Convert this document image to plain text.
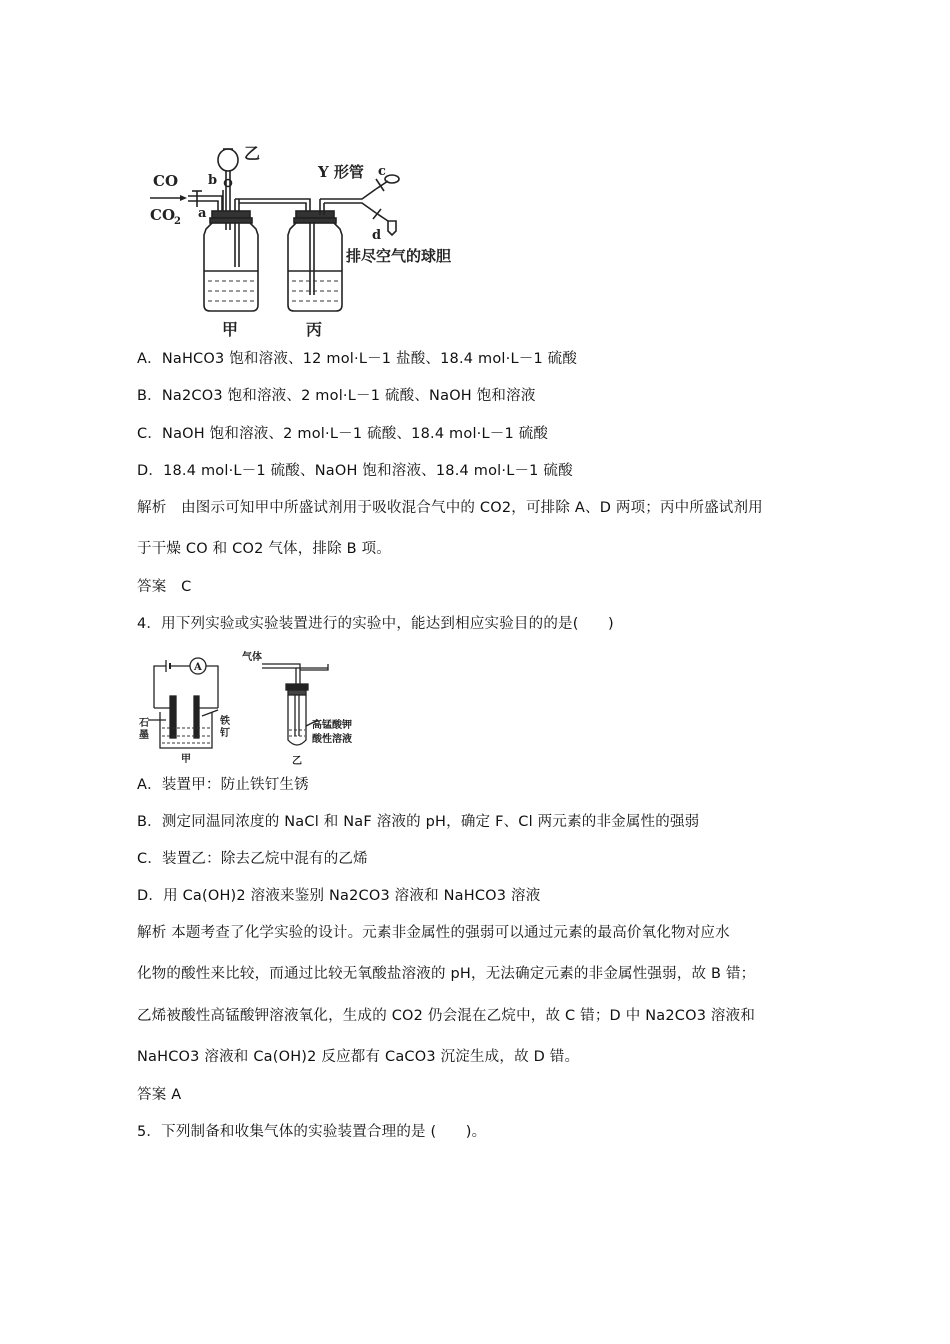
CO
CO
2
a
b
c
d
乙
Y 形管
排尽空气的球胆
甲	丙
A．NaHCO3 饱和溶液、12 mol·L－1 盐酸、18.4 mol·L－1 硫酸
B．Na2CO3 饱和溶液、2 mol·L－1 硫酸、NaOH 饱和溶液
C．NaOH 饱和溶液、2 mol·L－1 硫酸、18.4 mol·L－1 硫酸
D．18.4 mol·L－1 硫酸、NaOH 饱和溶液、18.4 mol·L－1 硫酸
解析　由图示可知甲中所盛试剂用于吸收混合气中的 CO2，可排除 A、D 两项；丙中所盛试剂用
于干燥 CO 和 CO2 气体，排除 B 项。
答案　C
4．用下列实验或实验装置进行的实验中，能达到相应实验目的的是(　　)
A
石
墨
铁
钉
甲
气体
高锰酸钾
酸性溶液
乙
A．装置甲：防止铁钉生锈
B．测定同温同浓度的 NaCl 和 NaF 溶液的 pH，确定 F、Cl 两元素的非金属性的强弱
C．装置乙：除去乙烷中混有的乙烯
D．用 Ca(OH)2 溶液来鉴别 Na2CO3 溶液和 NaHCO3 溶液
解析 本题考查了化学实验的设计。元素非金属性的强弱可以通过元素的最高价氧化物对应水
化物的酸性来比较，而通过比较无氧酸盐溶液的 pH，无法确定元素的非金属性强弱，故 B 错；
乙烯被酸性高锰酸钾溶液氧化，生成的 CO2 仍会混在乙烷中，故 C 错；D 中 Na2CO3 溶液和
NaHCO3 溶液和 Ca(OH)2 反应都有 CaCO3 沉淀生成，故 D 错。
答案 A
5．下列制备和收集气体的实验装置合理的是 (　　)。
